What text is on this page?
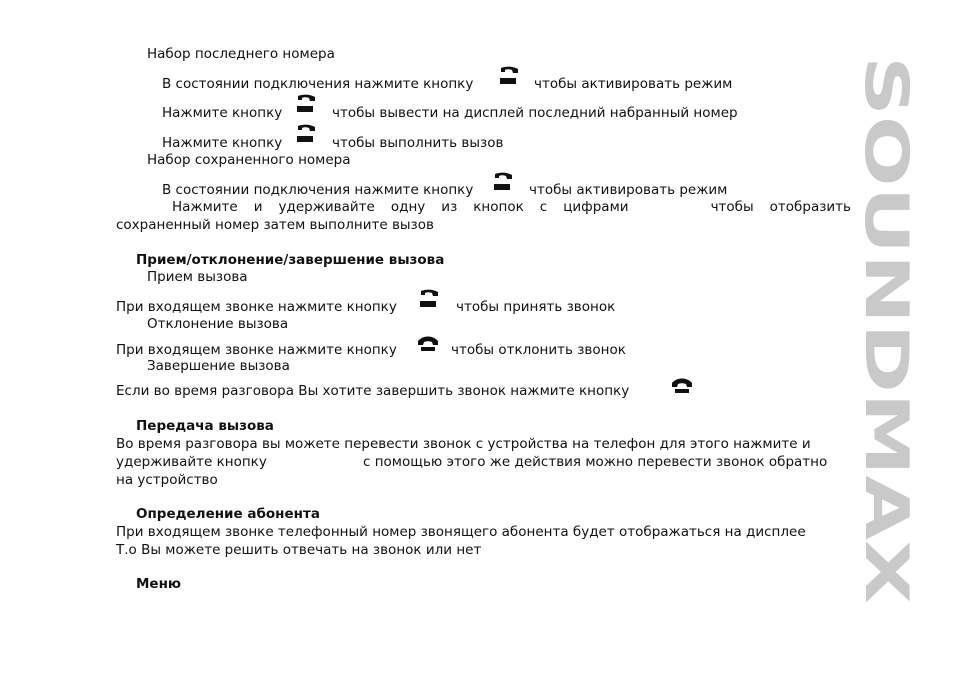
Набор последнего номера
В состоянии подключения нажмите кнопку	чтобы активировать режим
Нажмите кнопку	чтобы вывести на дисплей последний набранный номер
Нажмите кнопку	чтобы выполнить вызов
Набор сохраненного номера
В состоянии подключения нажмите кнопку	чтобы активировать режим
Нажмите и удерживайте одну из кнопок с цифрами	чтобы отобразить
сохраненный номер затем выполните вызов
Прием/отклонение/завершение вызова
Прием вызова
При входящем звонке нажмите кнопку	чтобы принять звонок
Отклонение вызова
При входящем звонке нажмите кнопку	чтобы отклонить звонок
Завершение вызова
Если во время разговора Вы хотите завершить звонок нажмите кнопку
Передача вызова
Во время разговора вы можете перевести звонок с устройства на телефон для этого нажмите и
удерживайте кнопку	с помощью этого же действия можно перевести звонок обратно
на устройство
Определение абонента
При входящем звонке телефонный номер звонящего абонента будет отображаться на дисплее
Т.о Вы можете решить отвечать на звонок или нет
Меню
SOUNDMAX
